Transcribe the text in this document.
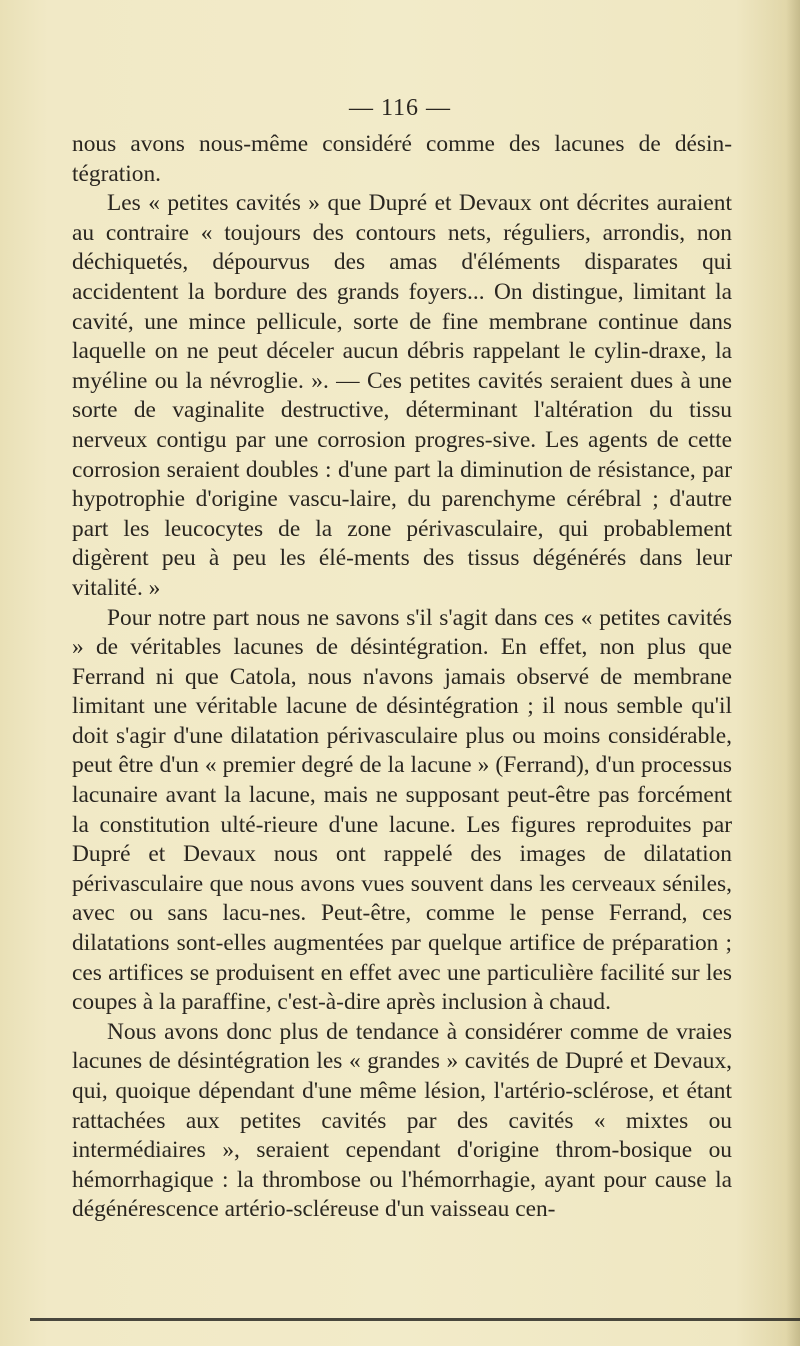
— 116 —

nous avons nous-même considéré comme des lacunes de désin-tégration.

Les « petites cavités » que Dupré et Devaux ont décrites auraient au contraire « toujours des contours nets, réguliers, arrondis, non déchiquetés, dépourvus des amas d'éléments disparates qui accidentent la bordure des grands foyers... On distingue, limitant la cavité, une mince pellicule, sorte de fine membrane continue dans laquelle on ne peut déceler aucun débris rappelant le cylin-draxe, la myéline ou la névroglie. ». — Ces petites cavités seraient dues à une sorte de vaginalite destructive, déterminant l'altération du tissu nerveux contigu par une corrosion progres-sive. Les agents de cette corrosion seraient doubles : d'une part la diminution de résistance, par hypotrophie d'origine vascu-laire, du parenchyme cérébral ; d'autre part les leucocytes de la zone périvasculaire, qui probablement digèrent peu à peu les élé-ments des tissus dégénérés dans leur vitalité. »

Pour notre part nous ne savons s'il s'agit dans ces « petites cavités » de véritables lacunes de désintégration. En effet, non plus que Ferrand ni que Catola, nous n'avons jamais observé de membrane limitant une véritable lacune de désintégration ; il nous semble qu'il doit s'agir d'une dilatation périvasculaire plus ou moins considérable, peut être d'un « premier degré de la lacune » (Ferrand), d'un processus lacunaire avant la lacune, mais ne supposant peut-être pas forcément la constitution ulté-rieure d'une lacune. Les figures reproduites par Dupré et Devaux nous ont rappelé des images de dilatation périvasculaire que nous avons vues souvent dans les cerveaux séniles, avec ou sans lacu-nes. Peut-être, comme le pense Ferrand, ces dilatations sont-elles augmentées par quelque artifice de préparation ; ces artifices se produisent en effet avec une particulière facilité sur les coupes à la paraffine, c'est-à-dire après inclusion à chaud.

Nous avons donc plus de tendance à considérer comme de vraies lacunes de désintégration les « grandes » cavités de Dupré et Devaux, qui, quoique dépendant d'une même lésion, l'artério-sclérose, et étant rattachées aux petites cavités par des cavités « mixtes ou intermédiaires », seraient cependant d'origine throm-bosique ou hémorrhagique : la thrombose ou l'hémorrhagie, ayant pour cause la dégénérescence artério-scléreuse d'un vaisseau cen-
